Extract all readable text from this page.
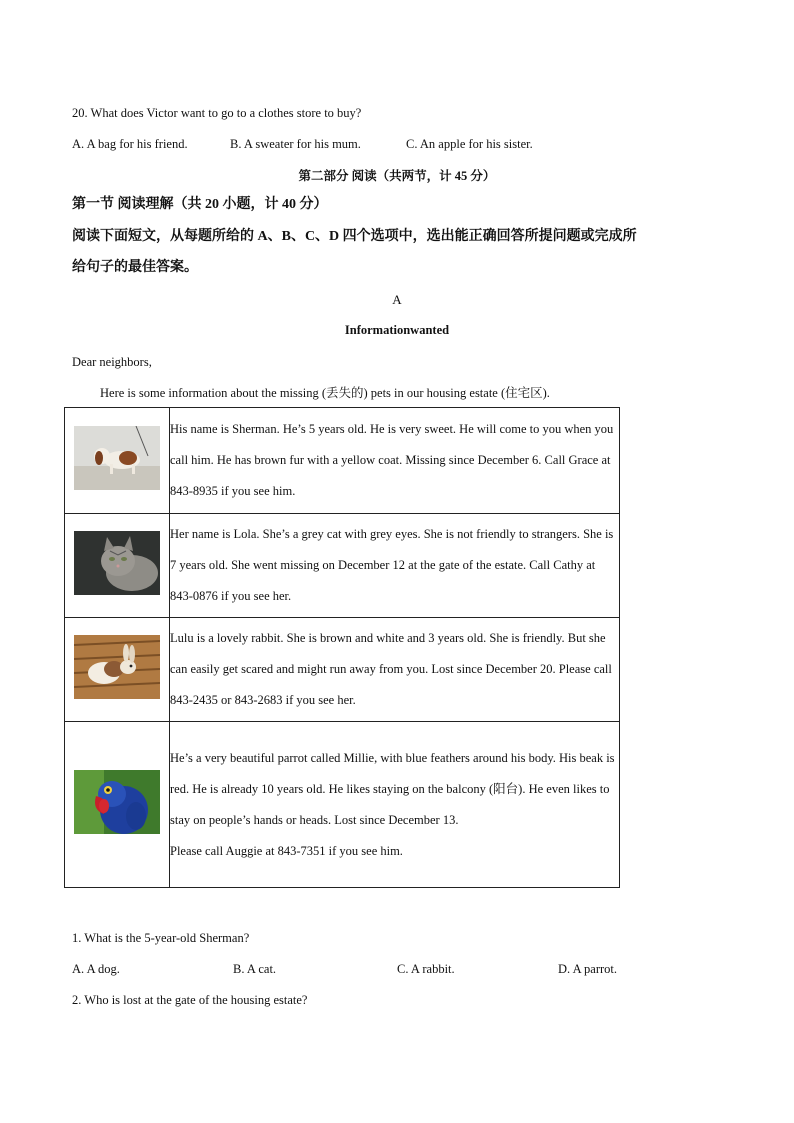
20. What does Victor want to go to a clothes store to buy?
A. A bag for his friend.	B. A sweater for his mum.	C. An apple for his sister.
第二部分 阅读（共两节，计 45 分）
第一节 阅读理解（共 20 小题，计 40 分）
阅读下面短文，从每题所给的 A、B、C、D 四个选项中，选出能正确回答所提问题或完成所
给句子的最佳答案。
A
Informationwanted
Dear neighbors,
Here is some information about the missing (丢失的) pets in our housing estate (住宅区).
	His name is Sherman. He’s 5 years old. He is very sweet. He will come to you when you call him. He has brown fur with a yellow coat. Missing since December 6. Call Grace at 843-8935 if you see him.
	Her name is Lola. She’s a grey cat with grey eyes. She is not friendly to strangers. She is 7 years old. She went missing on December 12 at the gate of the estate. Call Cathy at 843-0876 if you see her.
	Lulu is a lovely rabbit. She is brown and white and 3 years old. She is friendly. But she can easily get scared and might run away from you. Lost since December 20. Please call 843-2435 or 843-2683 if you see her.

He’s a very beautiful parrot called Millie, with blue feathers around his body. His beak is red. He is already 10 years old. He likes staying on the balcony (阳台). He even likes to stay on people’s hands or heads. Lost since December 13.
Please call Auggie at 843-7351 if you see him.
1. What is the 5-year-old Sherman?
A. A dog.	B. A cat.	C. A rabbit.	D. A parrot.
2. Who is lost at the gate of the housing estate?
